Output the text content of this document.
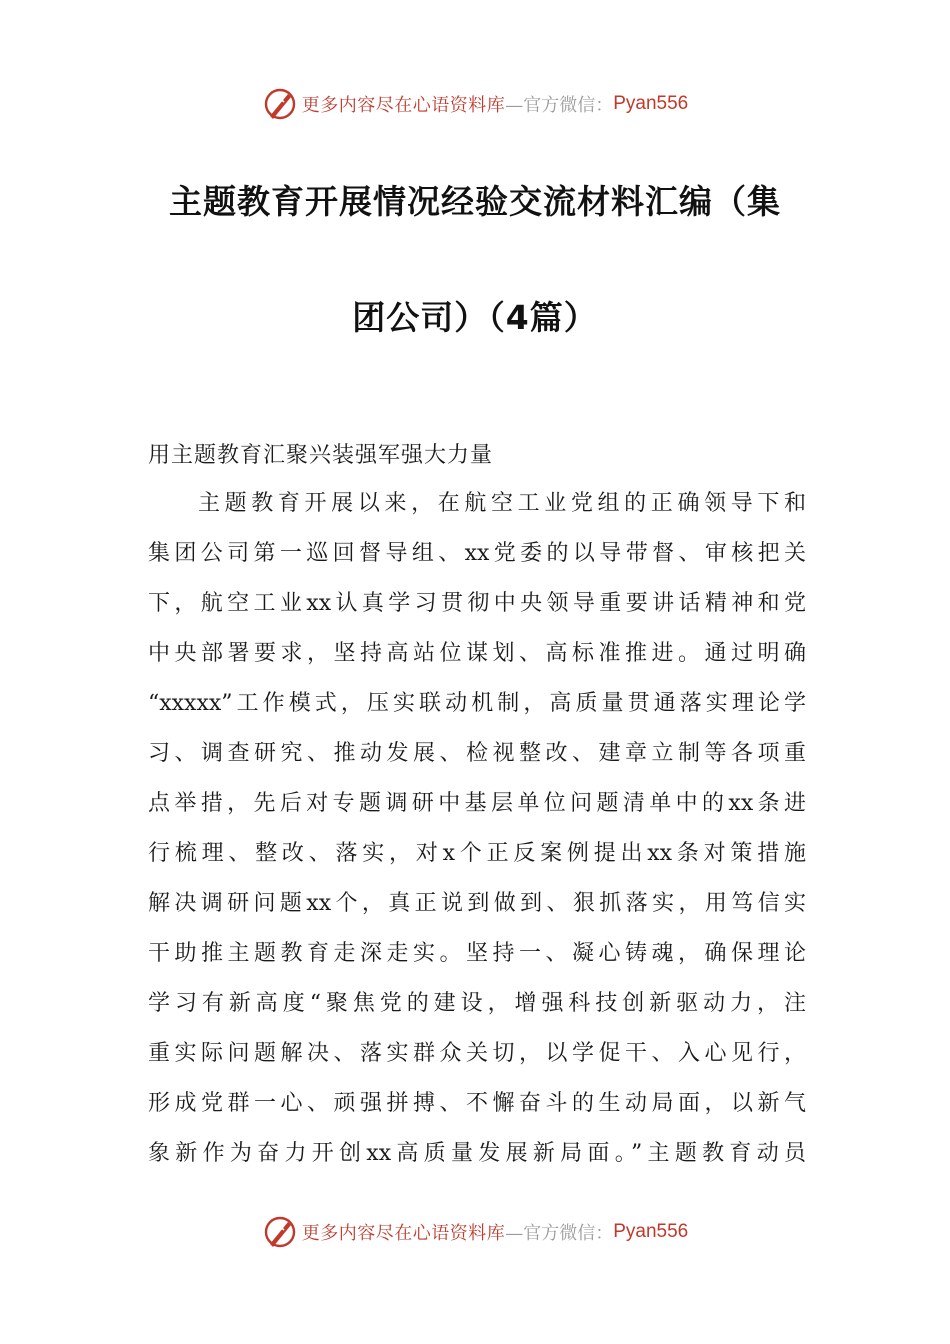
更多内容尽在心语资料库 —官方微信： Pyan556
主题教育开展情况经验交流材料汇编（集
团公司）（4篇）
用主题教育汇聚兴装强军强大力量
主题教育开展以来，在航空工业党组的正确领导下和
集团公司第一巡回督导组、xx党委的以导带督、审核把关
下，航空工业xx认真学习贯彻中央领导重要讲话精神和党
中央部署要求，坚持高站位谋划、高标准推进。通过明确
“xxxxx”工作模式，压实联动机制，高质量贯通落实理论学
习、调查研究、推动发展、检视整改、建章立制等各项重
点举措，先后对专题调研中基层单位问题清单中的xx条进
行梳理、整改、落实，对x个正反案例提出xx条对策措施
解决调研问题xx个，真正说到做到、狠抓落实，用笃信实
干助推主题教育走深走实。坚持一、凝心铸魂，确保理论
学习有新高度“聚焦党的建设，增强科技创新驱动力，注
重实际问题解决、落实群众关切，以学促干、入心见行，
形成党群一心、顽强拼搏、不懈奋斗的生动局面，以新气
象新作为奋力开创xx高质量发展新局面。”主题教育动员
更多内容尽在心语资料库 —官方微信： Pyan556
